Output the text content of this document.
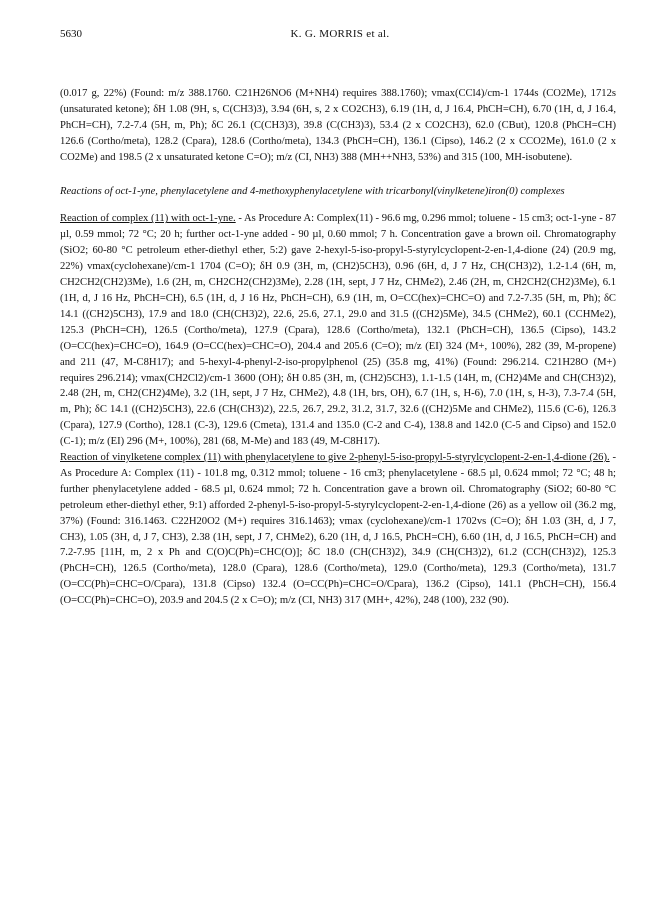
5630	K. G. MORRIS et al.

(0.017 g, 22%) (Found: m/z 388.1760. C21H26NO6 (M+NH4) requires 388.1760); vmax(CCl4)/cm-1 1744s (CO2Me), 1712s (unsaturated ketone); δH 1.08 (9H, s, C(CH3)3), 3.94 (6H, s, 2 x CO2CH3), 6.19 (1H, d, J 16.4, PhCH=CH), 6.70 (1H, d, J 16.4, PhCH=CH), 7.2-7.4 (5H, m, Ph); δC 26.1 (C(CH3)3), 39.8 (C(CH3)3), 53.4 (2 x CO2CH3), 62.0 (CBut), 120.8 (PhCH=CH) 126.6 (Cortho/meta), 128.2 (Cpara), 128.6 (Cortho/meta), 134.3 (PhCH=CH), 136.1 (Cipso), 146.2 (2 x CCO2Me), 161.0 (2 x CO2Me) and 198.5 (2 x unsaturated ketone C=O); m/z (CI, NH3) 388 (MH++NH3, 53%) and 315 (100, MH-isobutene).

Reactions of oct-1-yne, phenylacetylene and 4-methoxyphenylacetylene with tricarbonyl(vinylketene)iron(0) complexes

Reaction of complex (11) with oct-1-yne. - As Procedure A: Complex(11) - 96.6 mg, 0.296 mmol; toluene - 15 cm3; oct-1-yne - 87 µl, 0.59 mmol; 72 °C; 20 h; further oct-1-yne added - 90 µl, 0.60 mmol; 7 h. Concentration gave a brown oil. Chromatography (SiO2; 60-80 °C petroleum ether-diethyl ether, 5:2) gave 2-hexyl-5-iso-propyl-5-styrylcyclopent-2-en-1,4-dione (24) (20.9 mg, 22%) vmax(cyclohexane)/cm-1 1704 (C=O); δH 0.9 (3H, m, (CH2)5CH3), 0.96 (6H, d, J 7 Hz, CH(CH3)2), 1.2-1.4 (6H, m, CH2CH2(CH2)3Me), 1.6 (2H, m, CH2CH2(CH2)3Me), 2.28 (1H, sept, J 7 Hz, CHMe2), 2.46 (2H, m, CH2CH2(CH2)3Me), 6.1 (1H, d, J 16 Hz, PhCH=CH), 6.5 (1H, d, J 16 Hz, PhCH=CH), 6.9 (1H, m, O=CC(hex)=CHC=O) and 7.2-7.35 (5H, m, Ph); δC 14.1 ((CH2)5CH3), 17.9 and 18.0 (CH(CH3)2), 22.6, 25.6, 27.1, 29.0 and 31.5 ((CH2)5Me), 34.5 (CHMe2), 60.1 (CCHMe2), 125.3 (PhCH=CH), 126.5 (Cortho/meta), 127.9 (Cpara), 128.6 (Cortho/meta), 132.1 (PhCH=CH), 136.5 (Cipso), 143.2 (O=CC(hex)=CHC=O), 164.9 (O=CC(hex)=CHC=O), 204.4 and 205.6 (C=O); m/z (EI) 324 (M+, 100%), 282 (39, M-propene) and 211 (47, M-C8H17); and 5-hexyl-4-phenyl-2-iso-propylphenol (25) (35.8 mg, 41%) (Found: 296.214. C21H28O (M+) requires 296.214); vmax(CH2Cl2)/cm-1 3600 (OH); δH 0.85 (3H, m, (CH2)5CH3), 1.1-1.5 (14H, m, (CH2)4Me and CH(CH3)2), 2.48 (2H, m, CH2(CH2)4Me), 3.2 (1H, sept, J 7 Hz, CHMe2), 4.8 (1H, brs, OH), 6.7 (1H, s, H-6), 7.0 (1H, s, H-3), 7.3-7.4 (5H, m, Ph); δC 14.1 ((CH2)5CH3), 22.6 (CH(CH3)2), 22.5, 26.7, 29.2, 31.2, 31.7, 32.6 ((CH2)5Me and CHMe2), 115.6 (C-6), 126.3 (Cpara), 127.9 (Cortho), 128.1 (C-3), 129.6 (Cmeta), 131.4 and 135.0 (C-2 and C-4), 138.8 and 142.0 (C-5 and Cipso) and 152.0 (C-1); m/z (EI) 296 (M+, 100%), 281 (68, M-Me) and 183 (49, M-C8H17).

Reaction of vinylketene complex (11) with phenylacetylene to give 2-phenyl-5-iso-propyl-5-styrylcyclopent-2-en-1,4-dione (26). - As Procedure A: Complex (11) - 101.8 mg, 0.312 mmol; toluene - 16 cm3; phenylacetylene - 68.5 µl, 0.624 mmol; 72 °C; 48 h; further phenylacetylene added - 68.5 µl, 0.624 mmol; 72 h. Concentration gave a brown oil. Chromatography (SiO2; 60-80 °C petroleum ether-diethyl ether, 9:1) afforded 2-phenyl-5-iso-propyl-5-styrylcyclopent-2-en-1,4-dione (26) as a yellow oil (36.2 mg, 37%) (Found: 316.1463. C22H20O2 (M+) requires 316.1463); vmax (cyclohexane)/cm-1 1702vs (C=O); δH 1.03 (3H, d, J 7, CH3), 1.05 (3H, d, J 7, CH3), 2.38 (1H, sept, J 7, CHMe2), 6.20 (1H, d, J 16.5, PhCH=CH), 6.60 (1H, d, J 16.5, PhCH=CH) and 7.2-7.95 [11H, m, 2 x Ph and C(O)C(Ph)=CHC(O)]; δC 18.0 (CH(CH3)2), 34.9 (CH(CH3)2), 61.2 (CCH(CH3)2), 125.3 (PhCH=CH), 126.5 (Cortho/meta), 128.0 (Cpara), 128.6 (Cortho/meta), 129.0 (Cortho/meta), 129.3 (Cortho/meta), 131.7 (O=CC(Ph)=CHC=O/Cpara), 131.8 (Cipso) 132.4 (O=CC(Ph)=CHC=O/Cpara), 136.2 (Cipso), 141.1 (PhCH=CH), 156.4 (O=CC(Ph)=CHC=O), 203.9 and 204.5 (2 x C=O); m/z (CI, NH3) 317 (MH+, 42%), 248 (100), 232 (90).
